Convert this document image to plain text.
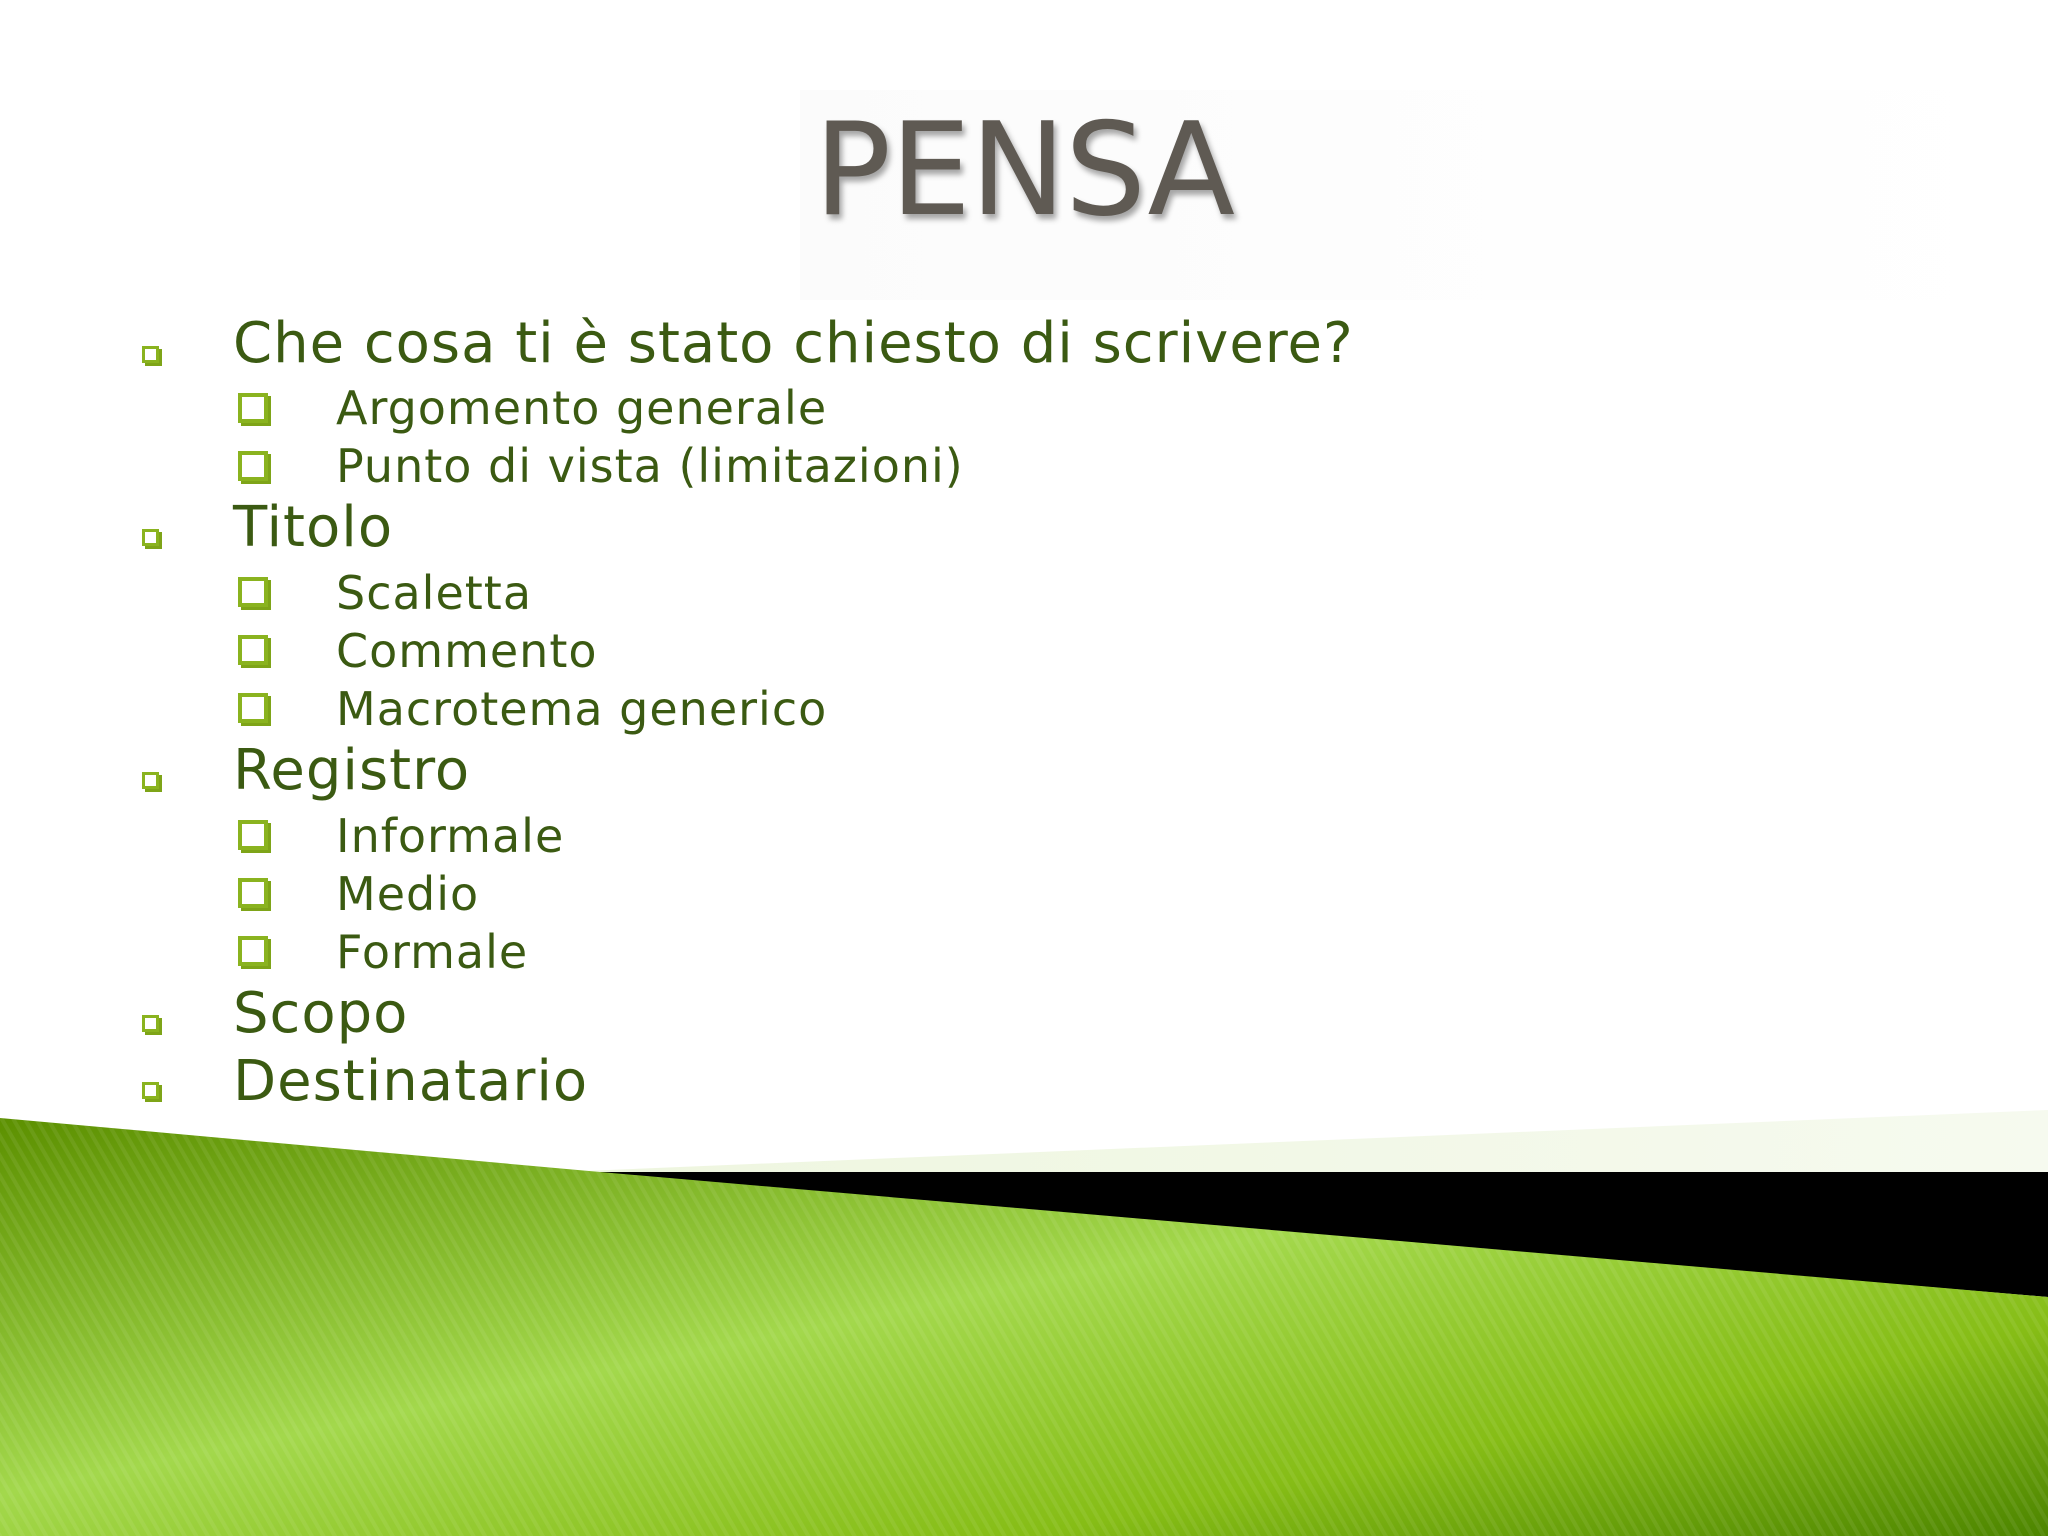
PENSA
Che cosa ti è stato chiesto di scrivere?
Argomento generale
Punto di vista (limitazioni)
Titolo
Scaletta
Commento
Macrotema generico
Registro
Informale
Medio
Formale
Scopo
Destinatario
